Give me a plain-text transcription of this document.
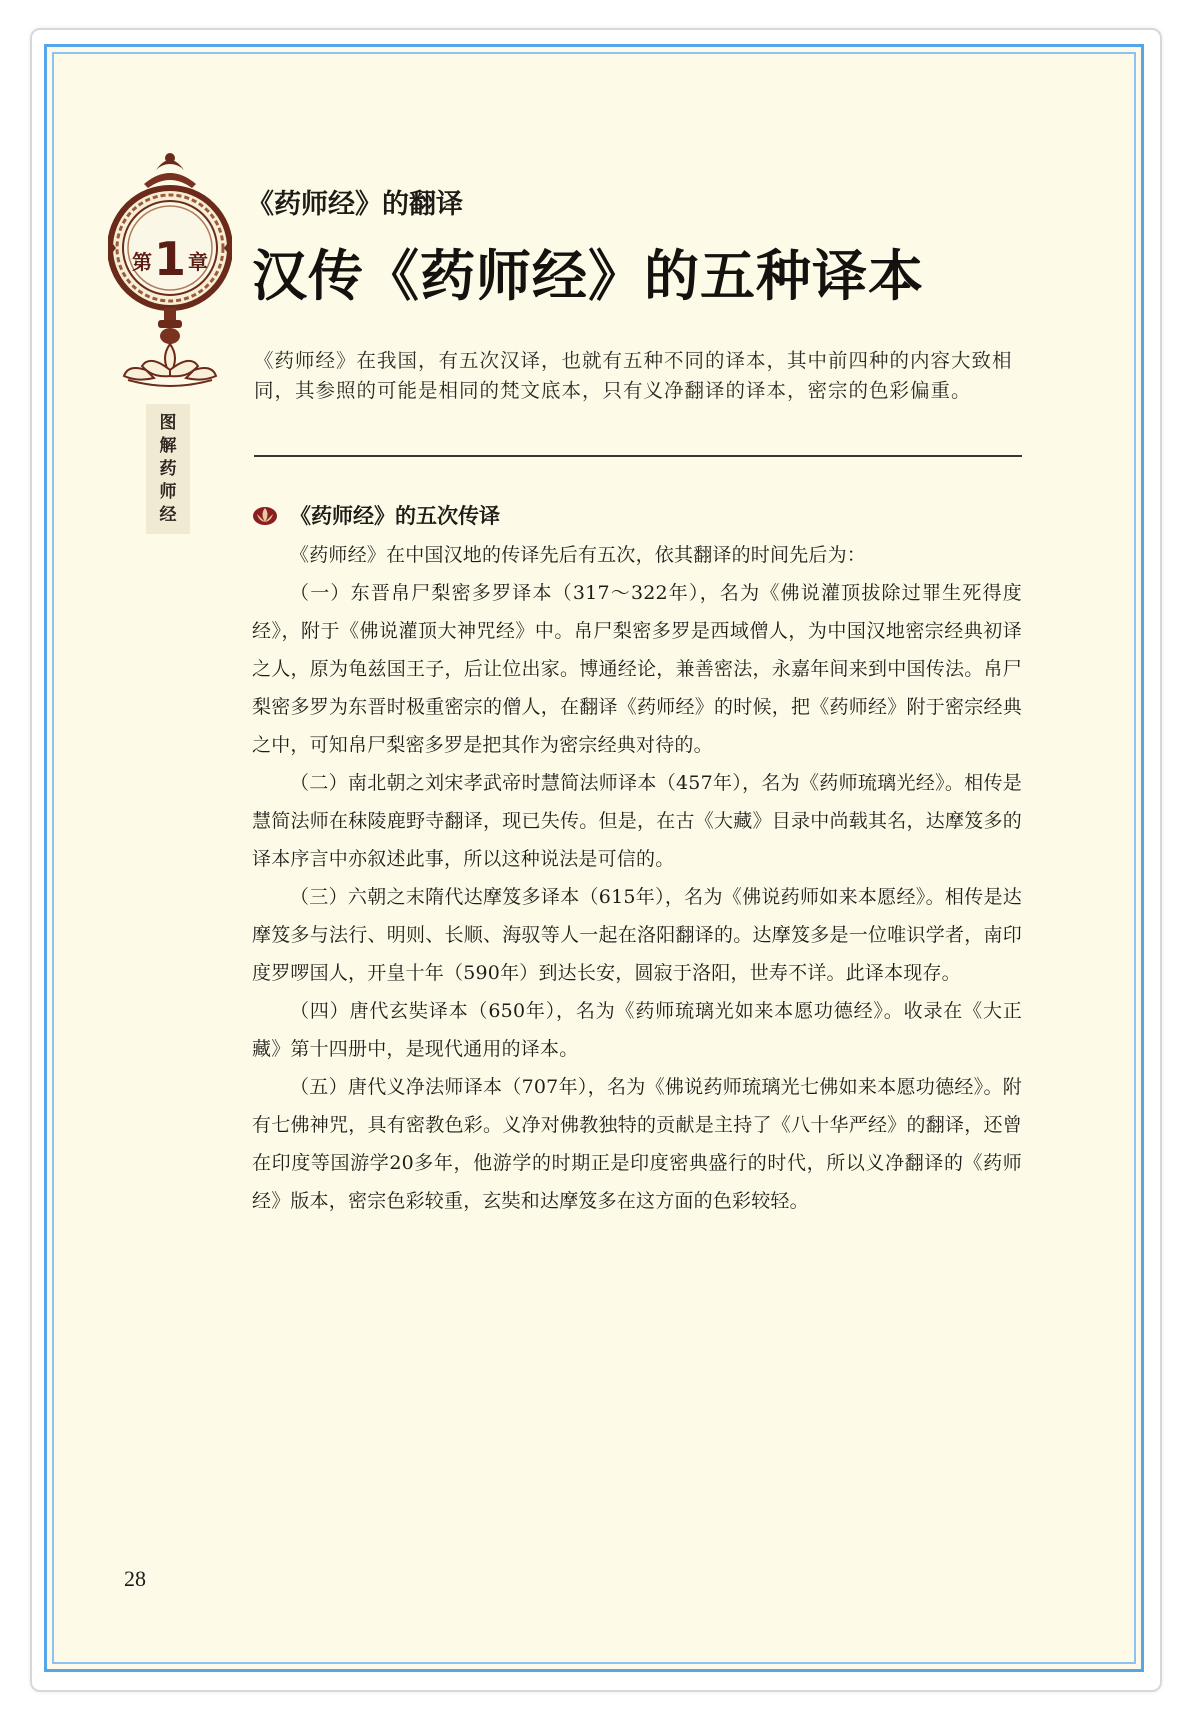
第1 章
图
解
药
师
经
《药师经》的翻译
汉传《药师经》的五种译本

《药师经》在我国，有五次汉译，也就有五种不同的译本，其中前四种的内容大致相同，其参照的可能是相同的梵文底本，只有义净翻译的译本，密宗的色彩偏重。

《药师经》的五次传译

《药师经》在中国汉地的传译先后有五次，依其翻译的时间先后为：

（一）东晋帛尸梨密多罗译本（317～322年），名为《佛说灌顶拔除过罪生死得度经》，附于《佛说灌顶大神咒经》中。帛尸梨密多罗是西域僧人，为中国汉地密宗经典初译之人，原为龟兹国王子，后让位出家。博通经论，兼善密法，永嘉年间来到中国传法。帛尸梨密多罗为东晋时极重密宗的僧人，在翻译《药师经》的时候，把《药师经》附于密宗经典之中，可知帛尸梨密多罗是把其作为密宗经典对待的。

（二）南北朝之刘宋孝武帝时慧简法师译本（457年），名为《药师琉璃光经》。相传是慧简法师在秣陵鹿野寺翻译，现已失传。但是，在古《大藏》目录中尚载其名，达摩笈多的译本序言中亦叙述此事，所以这种说法是可信的。

（三）六朝之末隋代达摩笈多译本（615年），名为《佛说药师如来本愿经》。相传是达摩笈多与法行、明则、长顺、海驭等人一起在洛阳翻译的。达摩笈多是一位唯识学者，南印度罗啰国人，开皇十年（590年）到达长安，圆寂于洛阳，世寿不详。此译本现存。

（四）唐代玄奘译本（650年），名为《药师琉璃光如来本愿功德经》。收录在《大正藏》第十四册中，是现代通用的译本。

（五）唐代义净法师译本（707年），名为《佛说药师琉璃光七佛如来本愿功德经》。附有七佛神咒，具有密教色彩。义净对佛教独特的贡献是主持了《八十华严经》的翻译，还曾在印度等国游学20多年，他游学的时期正是印度密典盛行的时代，所以义净翻译的《药师经》版本，密宗色彩较重，玄奘和达摩笈多在这方面的色彩较轻。

28
